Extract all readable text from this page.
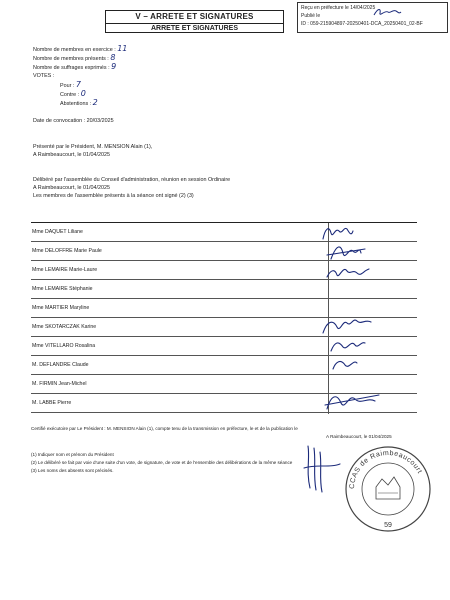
V – ARRETE ET SIGNATURES
ARRETE ET SIGNATURES
Reçu en préfecture le 14/04/2025
Publié le
ID : 059-215904897-20250401-DCA_20250401_02-BF
Nombre de membres en exercice : 11
Nombre de membres présents : 8
Nombre de suffrages exprimés : 9
VOTES :
Pour : 7
Contre : 0
Abstentions : 2
Date de convocation : 20/03/2025
Présenté par le Président, M. MENSION Alain (1),
A Raimbeaucourt, le 01/04/2025
Délibéré par l'assemblée du Conseil d'administration, réunion en session Ordinaire
A Raimbeaucourt, le 01/04/2025
Les membres de l'assemblée présents à la séance ont signé (2) (3)
Mme DAQUET Liliane
Mme DELOFFRE Marie Paule
Mme LEMAIRE Marie-Laure
Mme LEMAIRE Stéphanie
Mme MARTIER Maryline
Mme SKOTARCZAK Karine
Mme VITELLARO Rosalina
M. DEFLANDRE Claude
M. FIRMIN Jean-Michel
M. LABBE Pierre
Certifié exécutoire par Le Président : M. MENSION Alain (1), compte tenu de la transmission en préfecture, le et de la publication le
A Raimbeaucourt, le 01/04/2025
(1) Indiquer nom et prénom du Président
(2) Le délibéré se fait par voie d'une suite d'un vote, de signature, de vote et de l'ensemble des délibérations de la même séance
(3) Les noms des absents sont précisés.
CCAS de Raimbeaucourt
59
